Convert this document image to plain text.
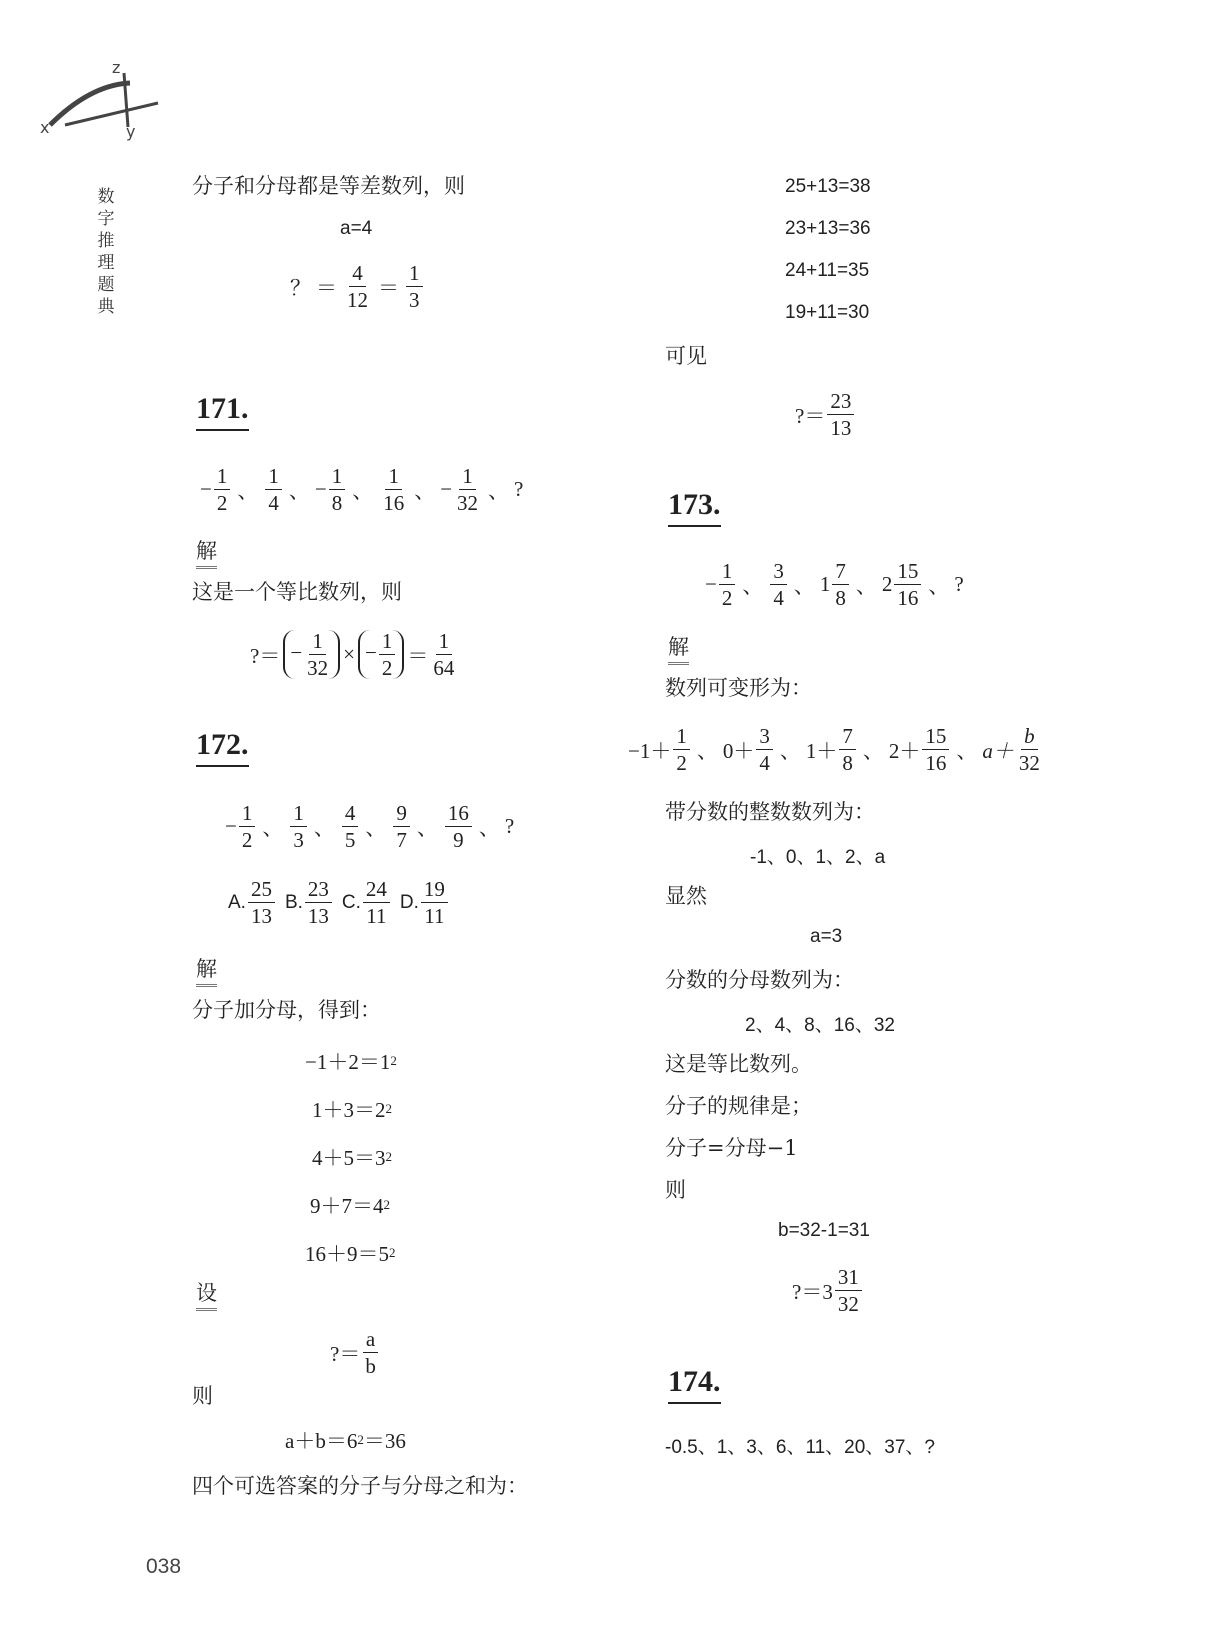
z
x	y
数
字
推
理
题
典
分子和分母都是等差数列，则
a=4
？ ＝
4
12
＝
1
3
171.
− $\frac{1}{2}$ 、
1
4
、 − $\frac{1}{8}$ 、
1
16
、 − $\frac{1}{32}$ 、 ?
解
这是一个等比数列，则
?＝ − $\frac{1}{32}$ × − $\frac{1}{2}$ ＝
1
64
172.
− $\frac{1}{2}$ 、
1
3
、
4
5
、
9
7
、
16
9
、 ?
A.
25
13
B.
23
13
C.
24
11
D.
19
11
解
分子加分母，得到：
−1＋2＝1 2
1＋3＝2 2
4＋5＝3 2
9＋7＝4 2
16＋9＝5 2
设
?＝
a
b
则
a＋b＝6 2 ＝36
四个可选答案的分子与分母之和为：
25+13=38
23+13=36
24+11=35
19+11=30
可见
?＝
23
13
173.
− $\frac{1}{2}$ 、
3
4
、 1
7
8
、 2
15
16
、 ?
解
数列可变形为：
−1＋
1
2
、 0＋
3
4
、 1＋
7
8
、 2＋
15
16
、 a＋
b
32
带分数的整数数列为：
-1、0、1、2、a
显然
a=3
分数的分母数列为：
2、4、8、16、32
这是等比数列。
分子的规律是；
分子=分母−1
则
b=32-1=31
?＝3
31
32
174.
-0.5、1、3、6、11、20、37、?
038
